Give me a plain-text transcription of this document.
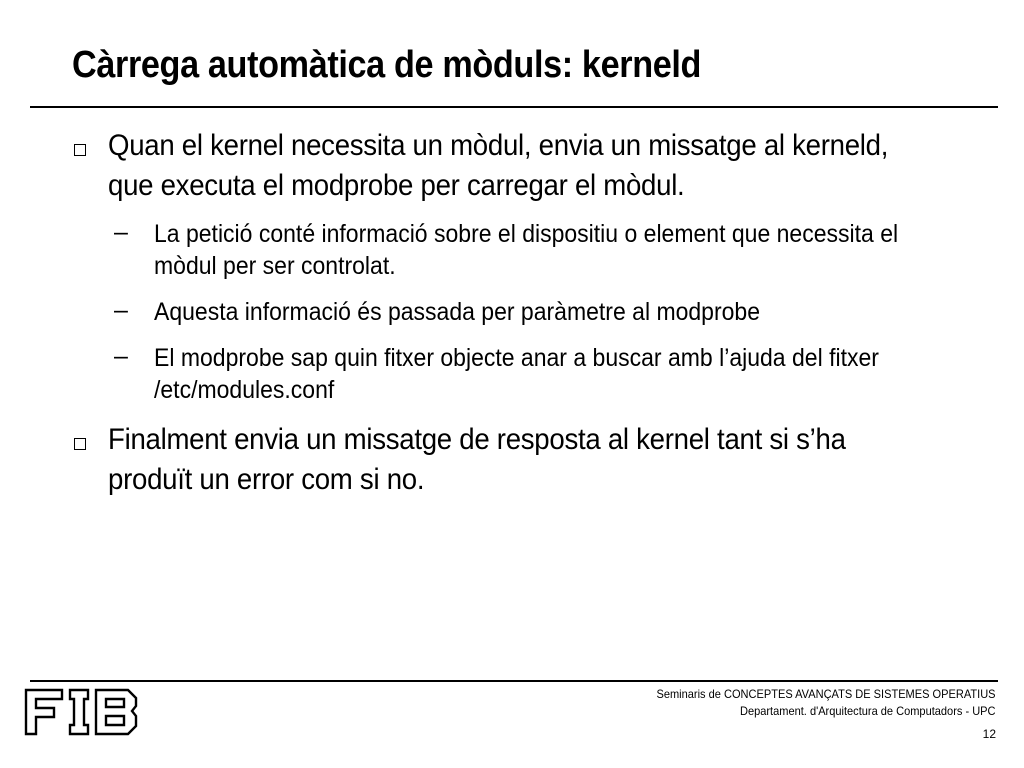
Càrrega automàtica de mòduls: kerneld
Quan el kernel necessita un mòdul, envia un missatge al kerneld, que executa el modprobe per carregar el mòdul.
– La petició conté informació sobre el dispositiu o element que necessita el mòdul per ser controlat.
– Aquesta informació és passada per paràmetre al modprobe
– El modprobe sap quin fitxer objecte anar a buscar amb l’ajuda del fitxer /etc/modules.conf
Finalment envia un missatge de resposta al kernel tant si s’ha produït un error com si no.
Seminaris de CONCEPTES AVANÇATS DE SISTEMES OPERATIUS
Departament. d'Arquitectura de Computadors - UPC
12
